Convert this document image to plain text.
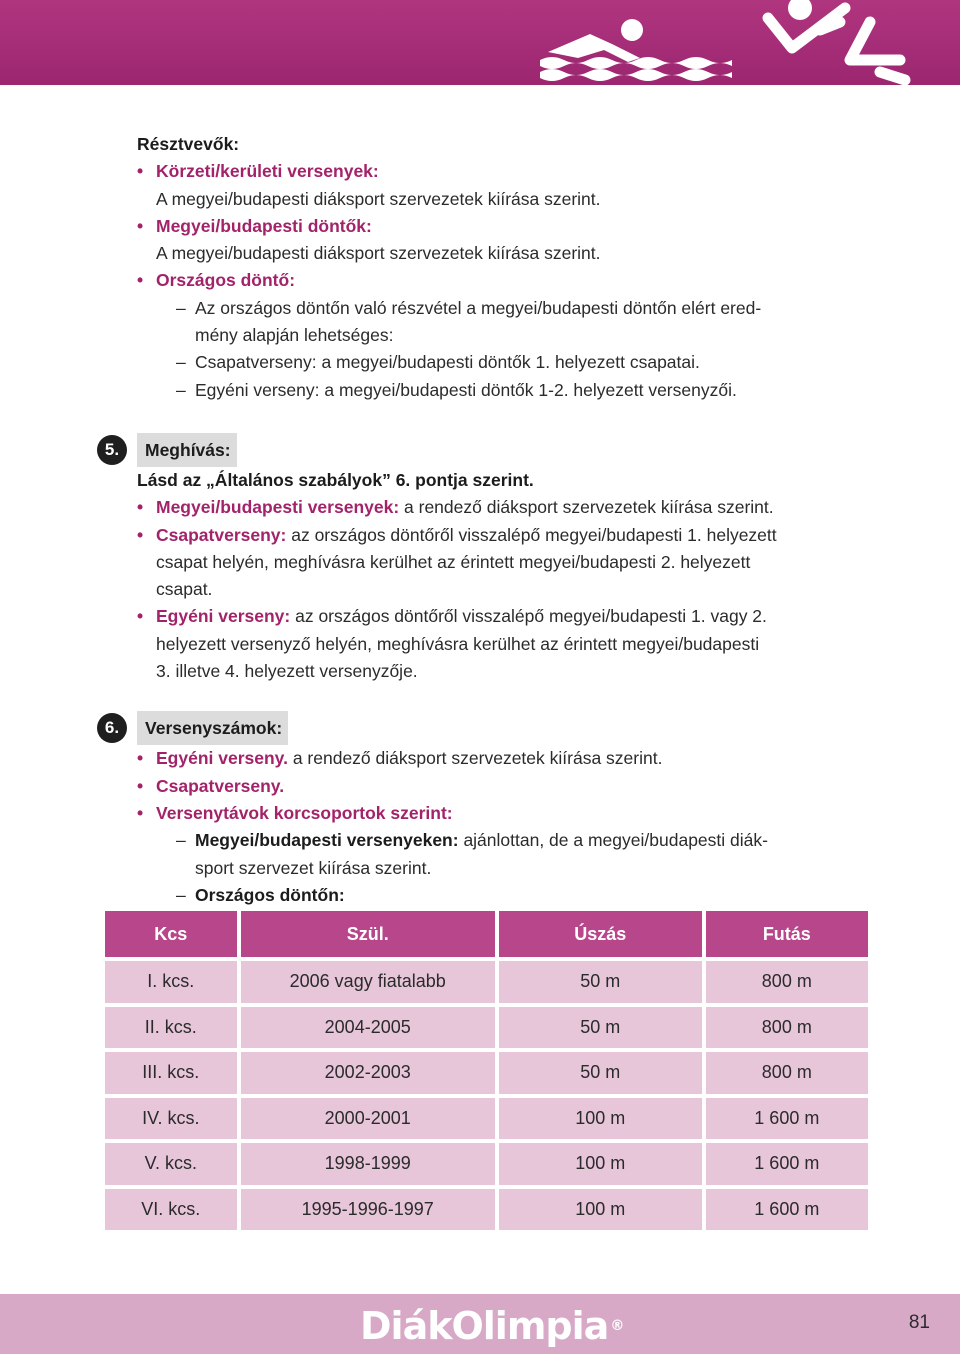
Résztvevők:
• Körzeti/kerületi versenyek:
A megyei/budapesti diáksport szervezetek kiírása szerint.
• Megyei/budapesti döntők:
A megyei/budapesti diáksport szervezetek kiírása szerint.
• Országos döntő:
– Az országos döntőn való részvétel a megyei/budapesti döntőn elért ered-
mény alapján lehetséges:
– Csapatverseny: a megyei/budapesti döntők 1. helyezett csapatai.
– Egyéni verseny: a megyei/budapesti döntők 1-2. helyezett versenyzői.
5.	Meghívás:
Lásd az „Általános szabályok” 6. pontja szerint.
• Megyei/budapesti versenyek: a rendező diáksport szervezetek kiírása szerint.
• Csapatverseny: az országos döntőről visszalépő megyei/budapesti 1. helyezett
csapat helyén, meghívásra kerülhet az érintett megyei/budapesti 2. helyezett
csapat.
• Egyéni verseny: az országos döntőről visszalépő megyei/budapesti 1. vagy 2.
helyezett versenyző helyén, meghívásra kerülhet az érintett megyei/budapesti
3. illetve 4. helyezett versenyzője.
6.	Versenyszámok:
• Egyéni verseny. a rendező diáksport szervezetek kiírása szerint.
• Csapatverseny.
• Versenytávok korcsoportok szerint:
– Megyei/budapesti versenyeken: ajánlottan, de a megyei/budapesti diák-
sport szervezet kiírása szerint.
– Országos döntőn:
Kcs	Szül.	Úszás	Futás
I. kcs.	2006 vagy fiatalabb	50 m	800 m
II. kcs.	2004-2005	50 m	800 m
III. kcs.	2002-2003	50 m	800 m
IV. kcs.	2000-2001	100 m	1 600 m
V. kcs.	1998-1999	100 m	1 600 m
VI. kcs.	1995-1996-1997	100 m	1 600 m
DiákOlimpia ®	81
